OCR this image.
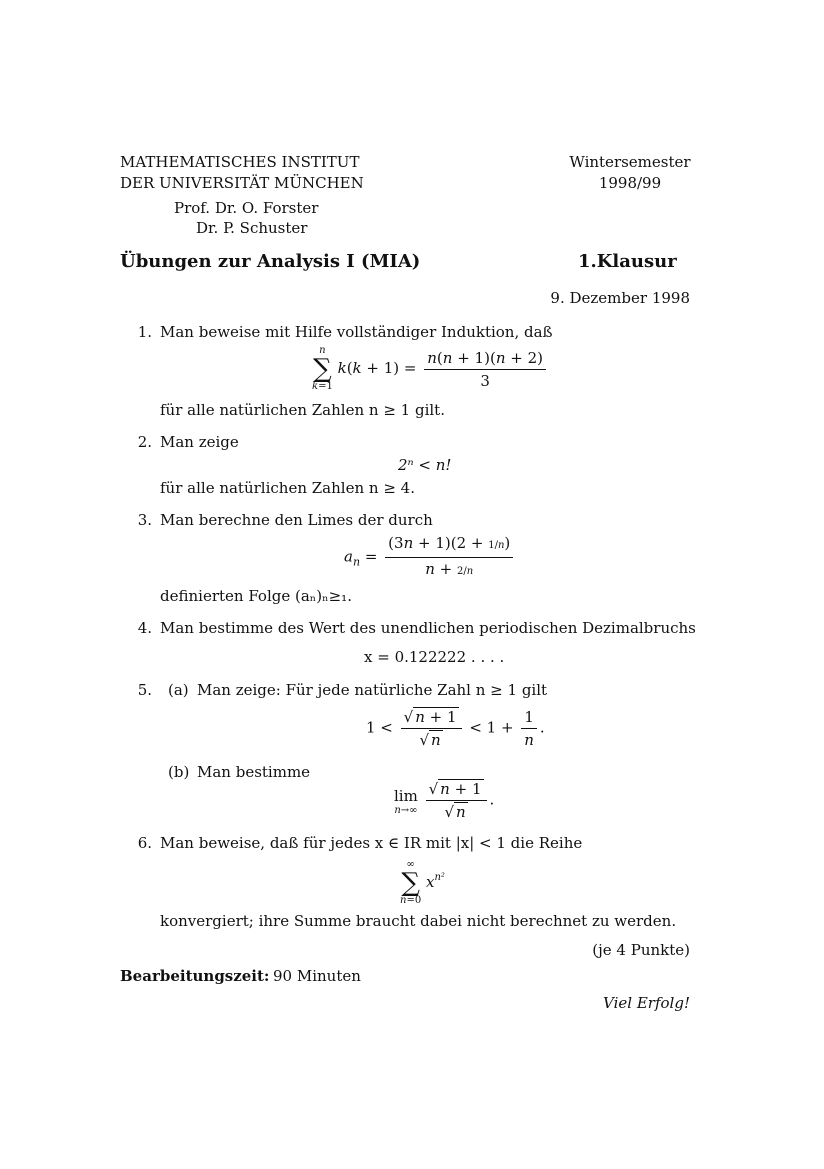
MATHEMATISCHES INSTITUT
DER UNIVERSITÄT MÜNCHEN
Prof. Dr. O. Forster
Dr. P. Schuster
Wintersemester
1998/99
Übungen zur Analysis I (MIA)	1.Klausur
9. Dezember 1998
1. Man beweise mit Hilfe vollständiger Induktion, daß
n
∑
k=1
$k(k + 1) = \frac{n(n + 1)(n + 2)}{3}$
für alle natürlichen Zahlen n ≥ 1 gilt.
2. Man zeige
2ⁿ < n!
für alle natürlichen Zahlen n ≥ 4.
3. Man berechne den Limes der durch
$a_n = \frac{(3n + 1)(2 + 1/n)}{n + 2/n}$
definierten Folge (aₙ)ₙ≥₁.
4. Man bestimme des Wert des unendlichen periodischen Dezimalbruchs
x = 0.122222 . . . .
5. (a) Man zeige: Für jede natürliche Zahl n ≥ 1 gilt
$1 < \frac{√ n + 1}{√ n} < 1 + \frac{1}{n}$ .
(b) Man bestimme
lim
n→∞
$\frac{√ n + 1}{√ n}$ .
6. Man beweise, daß für jedes x ∈ IR mit |x| < 1 die Reihe
∞
∑
n=0
$x^{n^2}$
konvergiert; ihre Summe braucht dabei nicht berechnet zu werden.
(je 4 Punkte)
Bearbeitungszeit: 90 Minuten
Viel Erfolg!
